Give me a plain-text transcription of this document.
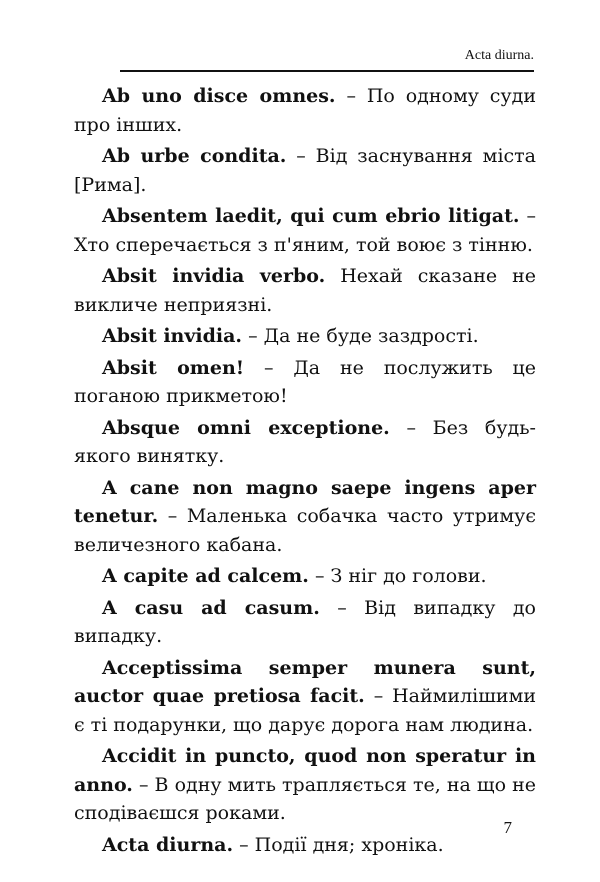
Acta diurna.

Ab uno disce omnes. – По одному суди про інших.

Ab urbe condita. – Від заснування міста [Рима].

Absentem laedit, qui cum ebrio litigat. – Хто сперечається з п'яним, той воює з тінню.

Absit invidia verbo. Нехай сказане не викличе неприязні.

Absit invidia. – Да не буде заздрості.

Absit omen! – Да не послужить це поганою прикметою!

Absque omni exceptione. – Без будь-якого винятку.

A cane non magno saepe ingens aper tenetur. – Маленька собачка часто утримує величезного кабана.

A capite ad calcem. – З ніг до голови.

A casu ad casum. – Від випадку до випадку.

Acceptissima semper munera sunt, auctor quae pretiosa facit. – Наймилішими є ті подарунки, що дарує дорога нам людина.

Accidit in puncto, quod non speratur in anno. – В одну мить трапляється те, на що не сподіваєшся роками.

Acta diurna. – Події дня; хроніка.

7
